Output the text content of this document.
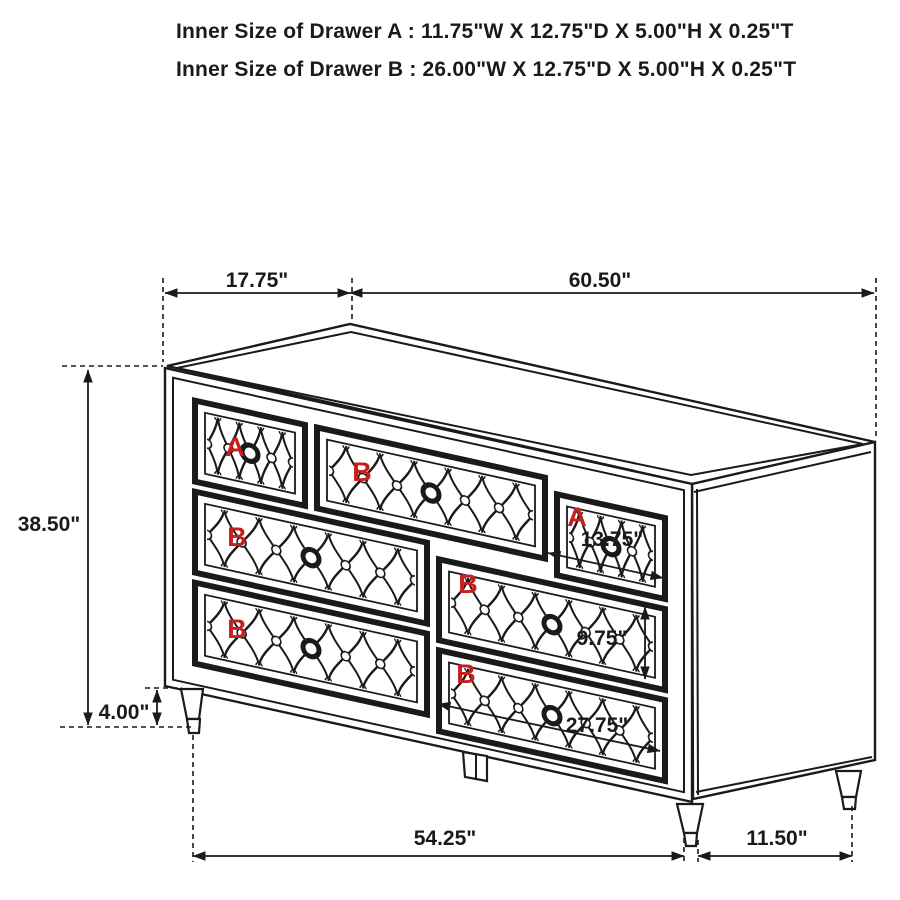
Inner Size of Drawer A : 11.75"W X 12.75"D X 5.00"H X 0.25"T
Inner Size of Drawer B : 26.00"W X 12.75"D X 5.00"H X 0.25"T
17.75"	60.50"
38.50"
4.00"
13.75"
9.75"
27.75"
54.25"	11.50"
A
B
A
B
B
B
B
